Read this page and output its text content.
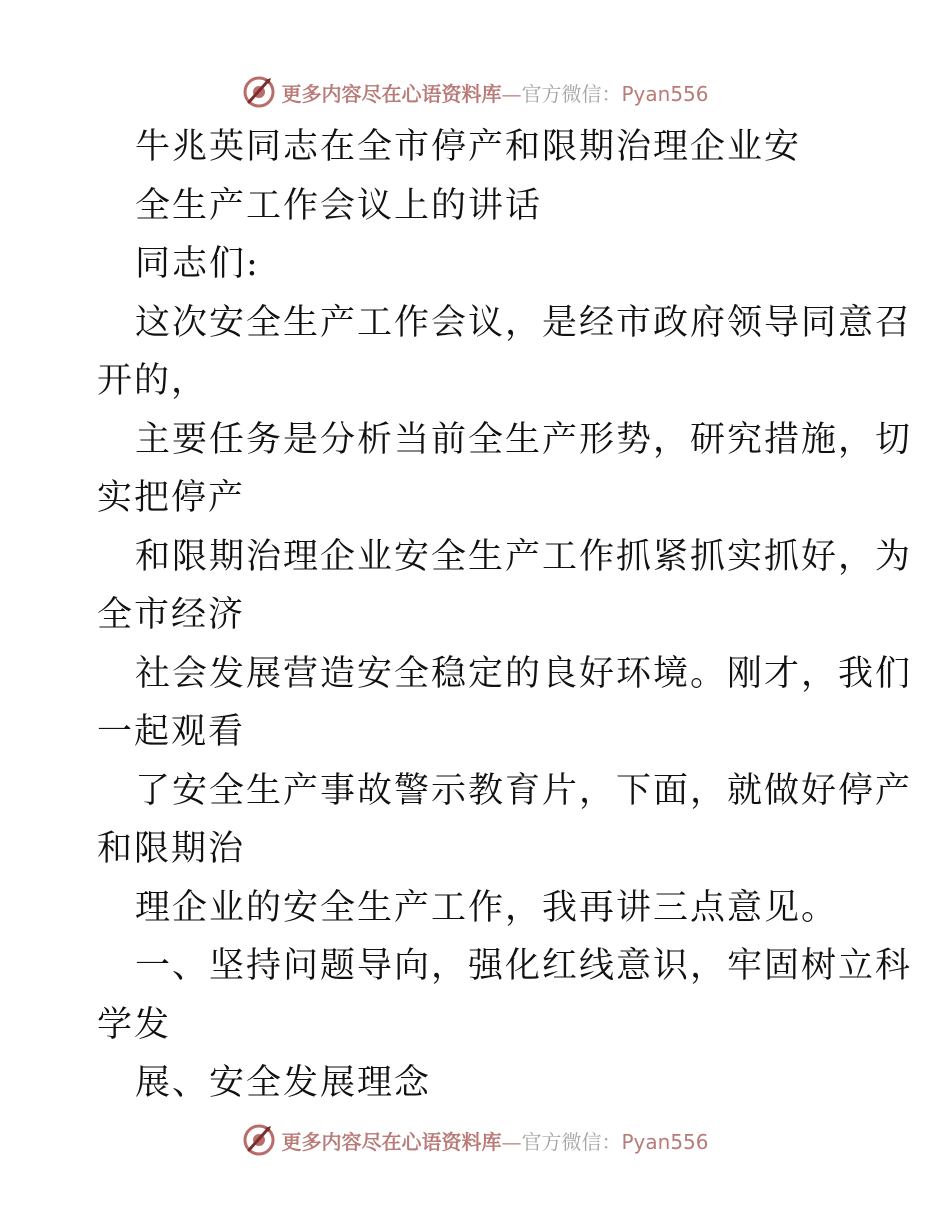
更多内容尽在心语资料库—官方微信：Pyan556
牛兆英同志在全市停产和限期治理企业安
全生产工作会议上的讲话
同志们:
这次安全生产工作会议，是经市政府领导同意召
开的，
主要任务是分析当前全生产形势，研究措施，切
实把停产
和限期治理企业安全生产工作抓紧抓实抓好，为
全市经济
社会发展营造安全稳定的良好环境。刚才，我们
一起观看
了安全生产事故警示教育片，下面，就做好停产
和限期治
理企业的安全生产工作，我再讲三点意见。
一、坚持问题导向，强化红线意识，牢固树立科
学发
展、安全发展理念
更多内容尽在心语资料库—官方微信：Pyan556
